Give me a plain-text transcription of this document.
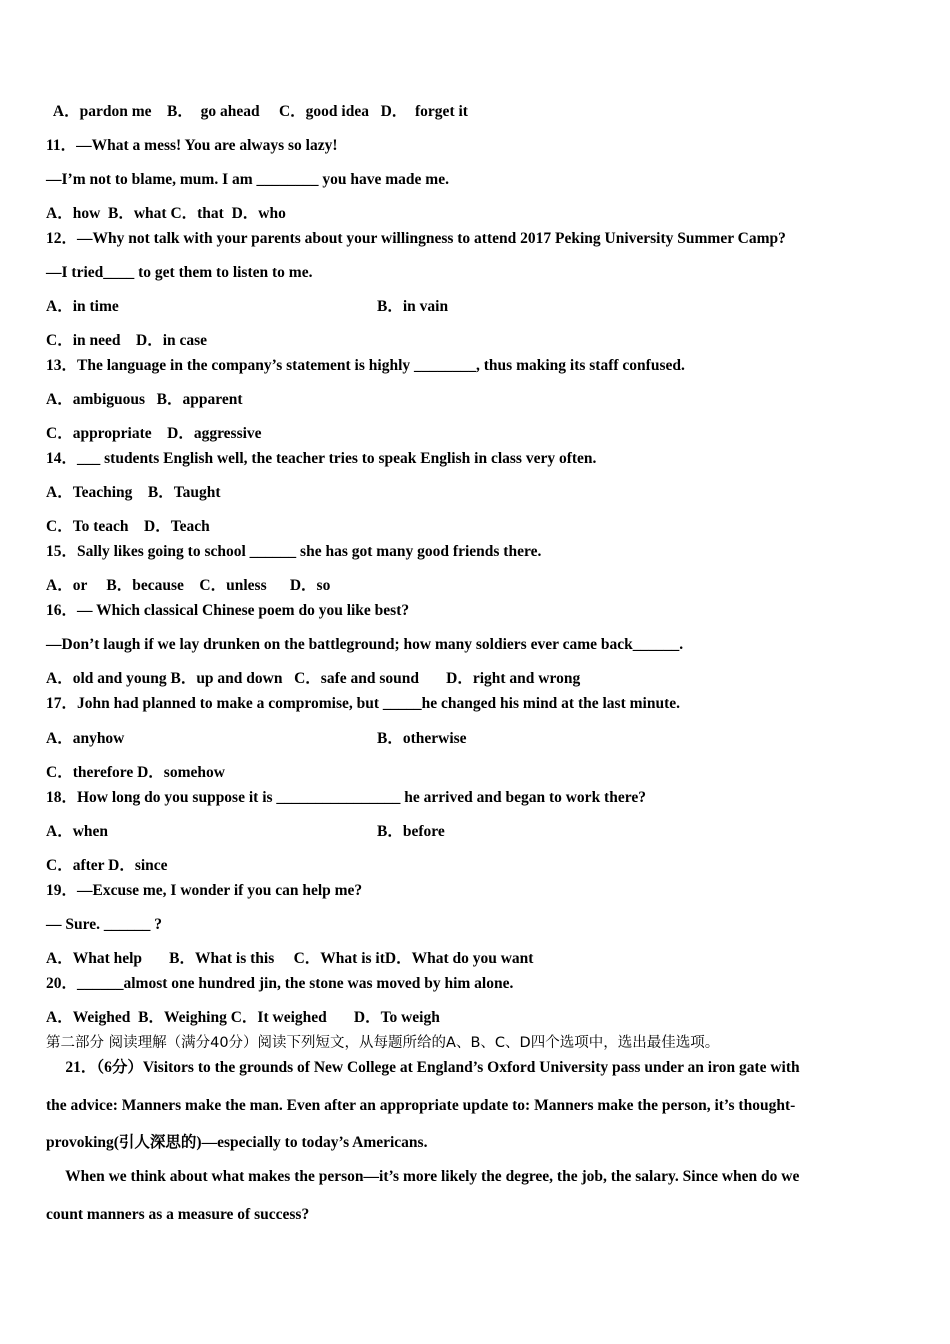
A．pardon me    B．  go ahead     C．good idea   D．  forget it
11．—What a mess! You are always so lazy!
—I’m not to blame, mum. I am ________ you have made me.
A．how  B．what C．that  D．who
12．—Why not talk with your parents about your willingness to attend 2017 Peking University Summer Camp?
—I tried____ to get them to listen to me.
A．in time	B．in vain
C．in need    D．in case
13．The language in the company’s statement is highly ________, thus making its staff confused.
A．ambiguous   B．apparent
C．appropriate    D．aggressive
14．___ students English well, the teacher tries to speak English in class very often.
A．Teaching    B．Taught
C．To teach    D．Teach
15．Sally likes going to school ______ she has got many good friends there.
A．or     B．because    C．unless      D．so
16．— Which classical Chinese poem do you like best?
—Don’t laugh if we lay drunken on the battleground; how many soldiers ever came back______.
A．old and young B．up and down   C．safe and sound       D．right and wrong
17．John had planned to make a compromise, but _____he changed his mind at the last minute.
A．anyhow	B．otherwise
C．therefore D．somehow
18．How long do you suppose it is ________________ he arrived and began to work there?
A．when	B．before
C．after D．since
19．—Excuse me, I wonder if you can help me?
— Sure. ______ ?
A．What help       B．What is this     C．What is itD．What do you want
20．______almost one hundred jin, the stone was moved by him alone.
A．Weighed  B．Weighing C．It weighed       D．To weigh
第二部分 阅读理解（满分40分）阅读下列短文，从每题所给的A、B、C、D四个选项中，选出最佳选项。
21．（6分）Visitors to the grounds of New College at England’s Oxford University pass under an iron gate with
the advice: Manners make the man. Even after an appropriate update to: Manners make the person, it’s thought-
provoking(引人深思的)—especially to today’s Americans.
When we think about what makes the person—it’s more likely the degree, the job, the salary. Since when do we
count manners as a measure of success?
